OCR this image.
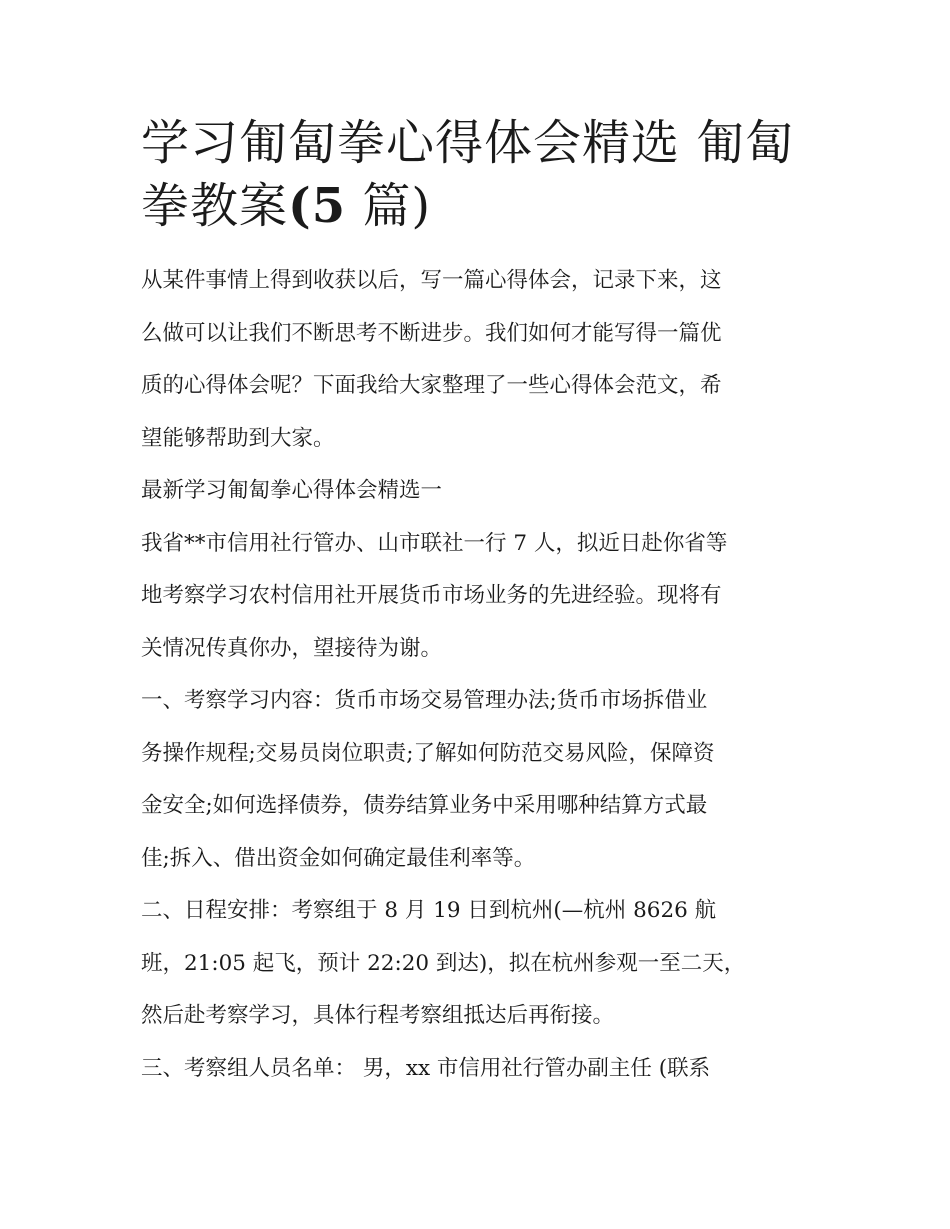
学习匍匐拳心得体会精选 匍匐
拳教案(5 篇)

从某件事情上得到收获以后，写一篇心得体会，记录下来，这
么做可以让我们不断思考不断进步。我们如何才能写得一篇优
质的心得体会呢？下面我给大家整理了一些心得体会范文，希
望能够帮助到大家。

最新学习匍匐拳心得体会精选一

我省**市信用社行管办、山市联社一行 7 人，拟近日赴你省等
地考察学习农村信用社开展货币市场业务的先进经验。现将有
关情况传真你办，望接待为谢。

一、考察学习内容：货币市场交易管理办法;货币市场拆借业
务操作规程;交易员岗位职责;了解如何防范交易风险，保障资
金安全;如何选择债券，债券结算业务中采用哪种结算方式最
佳;拆入、借出资金如何确定最佳利率等。

二、日程安排：考察组于 8 月 19 日到杭州(—杭州 8626 航
班，21:05 起飞，预计 22:20 到达)，拟在杭州参观一至二天，
然后赴考察学习，具体行程考察组抵达后再衔接。

三、考察组人员名单： 男，xx 市信用社行管办副主任 (联系
